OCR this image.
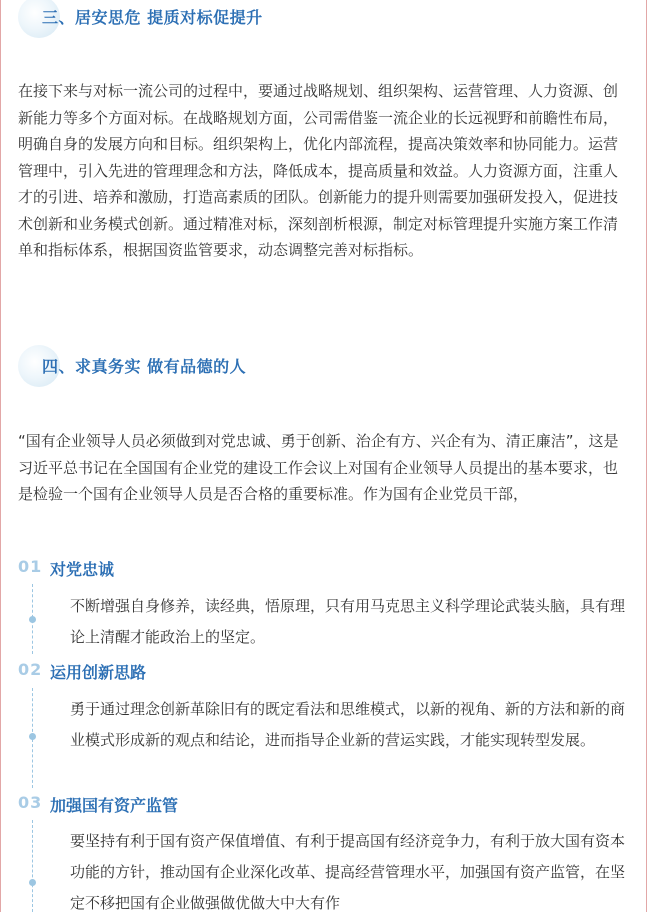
三、居安思危 提质对标促提升

在接下来与对标一流公司的过程中，要通过战略规划、组织架构、运营管理、人力资源、创新能力等多个方面对标。在战略规划方面，公司需借鉴一流企业的长远视野和前瞻性布局，明确自身的发展方向和目标。组织架构上，优化内部流程，提高决策效率和协同能力。运营管理中，引入先进的管理理念和方法，降低成本，提高质量和效益。人力资源方面，注重人才的引进、培养和激励，打造高素质的团队。创新能力的提升则需要加强研发投入，促进技术创新和业务模式创新。通过精准对标，深刻剖析根源，制定对标管理提升实施方案工作清单和指标体系，根据国资监管要求，动态调整完善对标指标。

四、求真务实 做有品德的人

“国有企业领导人员必须做到对党忠诚、勇于创新、治企有方、兴企有为、清正廉洁”，这是习近平总书记在全国国有企业党的建设工作会议上对国有企业领导人员提出的基本要求，也是检验一个国有企业领导人员是否合格的重要标准。作为国有企业党员干部，

01 对党忠诚

不断增强自身修养，读经典，悟原理，只有用马克思主义科学理论武装头脑，具有理论上清醒才能政治上的坚定。

02 运用创新思路

勇于通过理念创新革除旧有的既定看法和思维模式，以新的视角、新的方法和新的商业模式形成新的观点和结论，进而指导企业新的营运实践，才能实现转型发展。

03 加强国有资产监管

要坚持有利于国有资产保值增值、有利于提高国有经济竞争力，有利于放大国有资本功能的方针，推动国有企业深化改革、提高经营管理水平，加强国有资产监管，在坚定不移把国有企业做强做优做大中大有作
